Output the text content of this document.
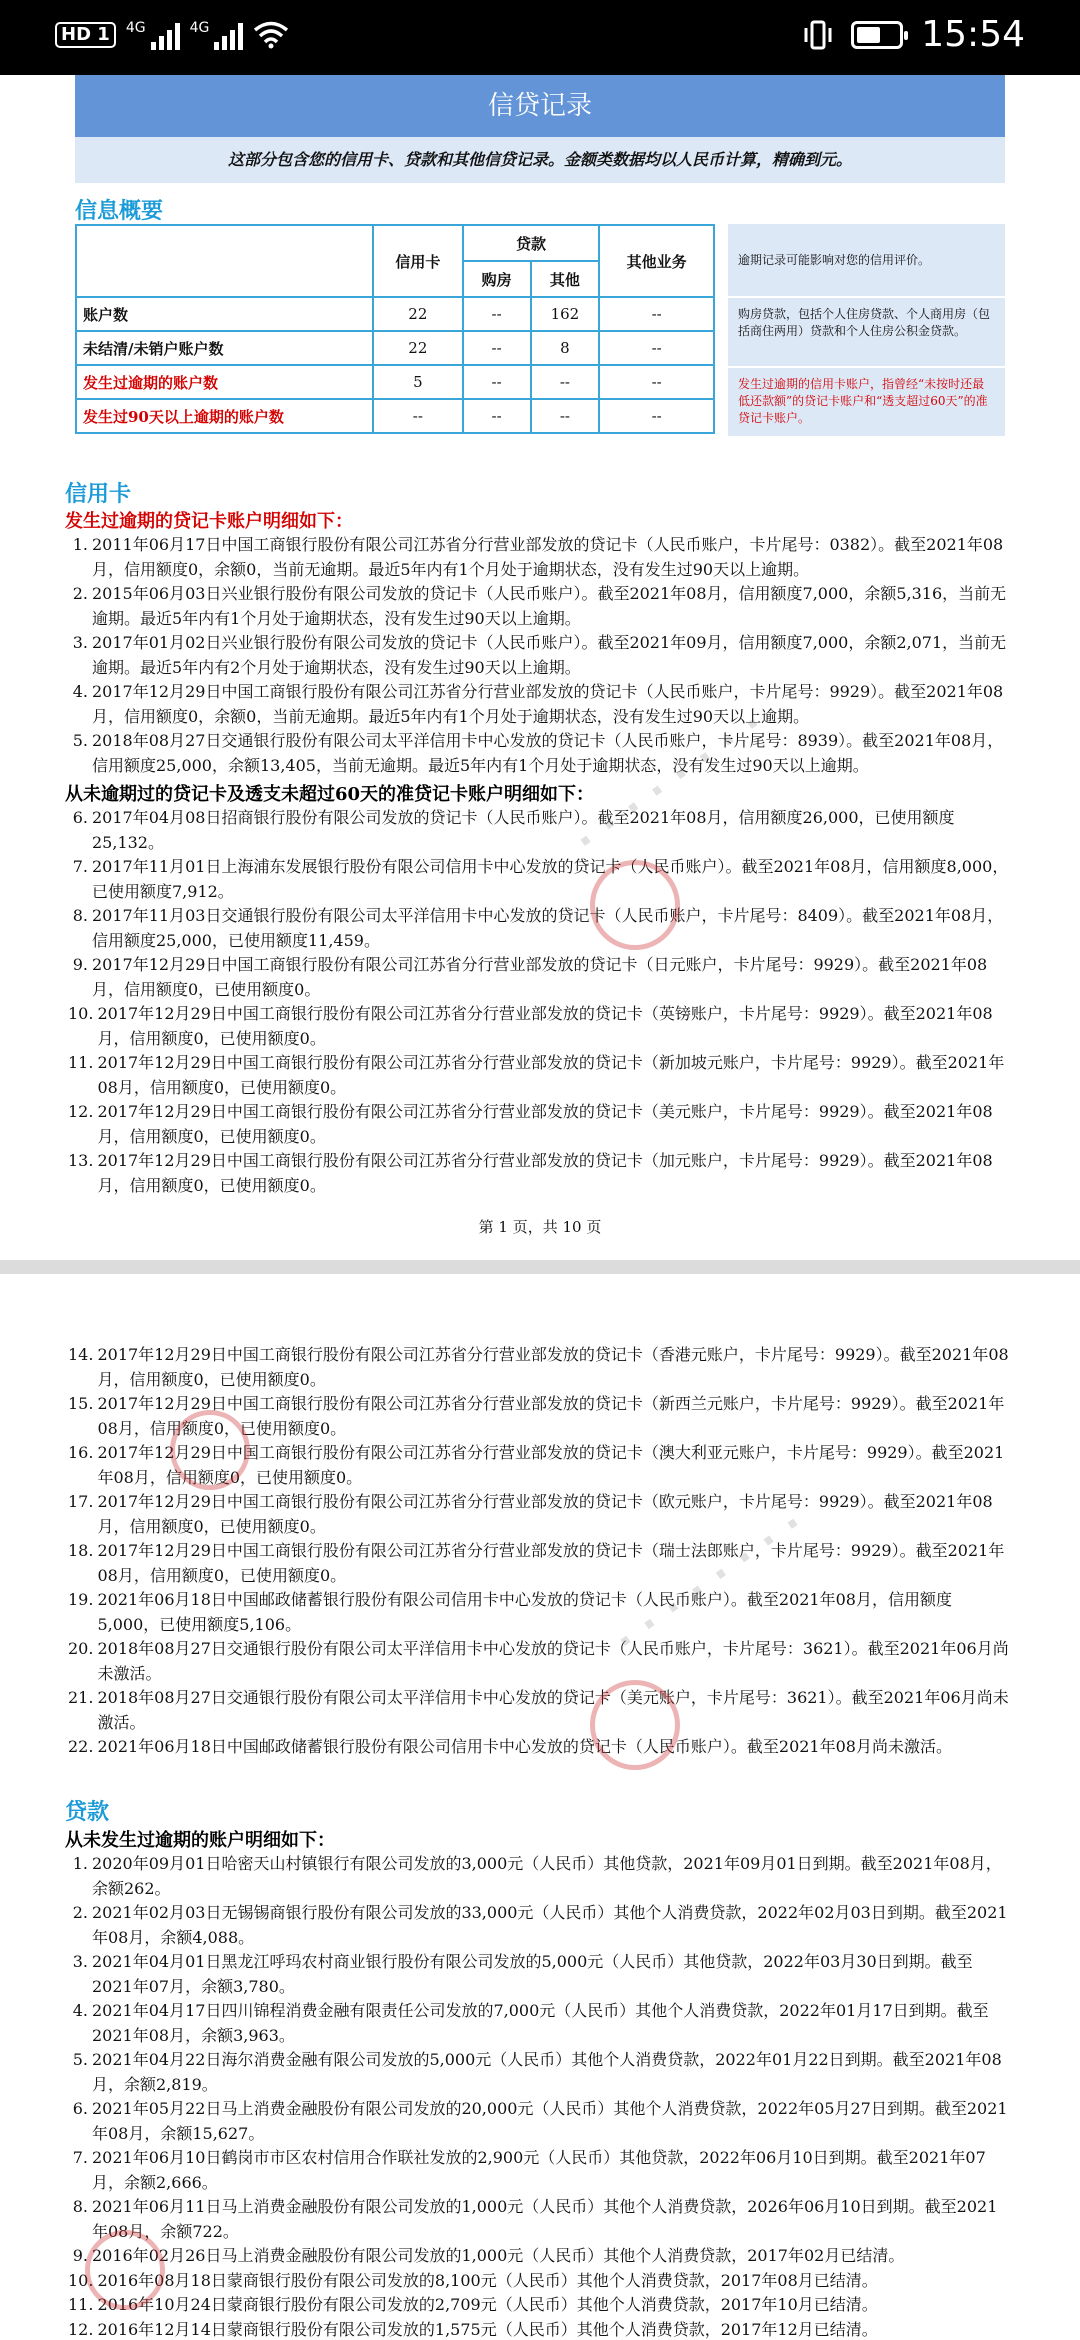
HD 1	4G	4G	15:54
信贷记录
这部分包含您的信用卡、贷款和其他信贷记录。金额类数据均以人民币计算，精确到元。
信息概要
	信用卡	贷款		其他业务
		购房	其他	
账户数	22	--	162	--
未结清/未销户账户数	22	--	8	--
发生过逾期的账户数	5	--	--	--
发生过90天以上逾期的账户数	--	--	--	--
逾期记录可能影响对您的信用评价。
购房贷款，包括个人住房贷款、个人商用房（包括商住两用）贷款和个人住房公积金贷款。
发生过逾期的信用卡账户，指曾经“未按时还最低还款额”的贷记卡账户和“透支超过60天”的准贷记卡账户。
信用卡
发生过逾期的贷记卡账户明细如下：
1. 2011年06月17日中国工商银行股份有限公司江苏省分行营业部发放的贷记卡（人民币账户，卡片尾号：0382）。截至2021年08月，信用额度0，余额0，当前无逾期。最近5年内有1个月处于逾期状态，没有发生过90天以上逾期。
2. 2015年06月03日兴业银行股份有限公司发放的贷记卡（人民币账户）。截至2021年08月，信用额度7,000，余额5,316，当前无逾期。最近5年内有1个月处于逾期状态，没有发生过90天以上逾期。
3. 2017年01月02日兴业银行股份有限公司发放的贷记卡（人民币账户）。截至2021年09月，信用额度7,000，余额2,071，当前无逾期。最近5年内有2个月处于逾期状态，没有发生过90天以上逾期。
4. 2017年12月29日中国工商银行股份有限公司江苏省分行营业部发放的贷记卡（人民币账户，卡片尾号：9929）。截至2021年08月，信用额度0，余额0，当前无逾期。最近5年内有1个月处于逾期状态，没有发生过90天以上逾期。
5. 2018年08月27日交通银行股份有限公司太平洋信用卡中心发放的贷记卡（人民币账户，卡片尾号：8939）。截至2021年08月，信用额度25,000，余额13,405，当前无逾期。最近5年内有1个月处于逾期状态，没有发生过90天以上逾期。
从未逾期过的贷记卡及透支未超过60天的准贷记卡账户明细如下：
6. 2017年04月08日招商银行股份有限公司发放的贷记卡（人民币账户）。截至2021年08月，信用额度26,000，已使用额度25,132。
7. 2017年11月01日上海浦东发展银行股份有限公司信用卡中心发放的贷记卡（人民币账户）。截至2021年08月，信用额度8,000，已使用额度7,912。
8. 2017年11月03日交通银行股份有限公司太平洋信用卡中心发放的贷记卡（人民币账户，卡片尾号：8409）。截至2021年08月，信用额度25,000，已使用额度11,459。
9. 2017年12月29日中国工商银行股份有限公司江苏省分行营业部发放的贷记卡（日元账户，卡片尾号：9929）。截至2021年08月，信用额度0，已使用额度0。
10. 2017年12月29日中国工商银行股份有限公司江苏省分行营业部发放的贷记卡（英镑账户，卡片尾号：9929）。截至2021年08月，信用额度0，已使用额度0。
11. 2017年12月29日中国工商银行股份有限公司江苏省分行营业部发放的贷记卡（新加坡元账户，卡片尾号：9929）。截至2021年08月，信用额度0，已使用额度0。
12. 2017年12月29日中国工商银行股份有限公司江苏省分行营业部发放的贷记卡（美元账户，卡片尾号：9929）。截至2021年08月，信用额度0，已使用额度0。
13. 2017年12月29日中国工商银行股份有限公司江苏省分行营业部发放的贷记卡（加元账户，卡片尾号：9929）。截至2021年08月，信用额度0，已使用额度0。
第 1 页，共 10 页
14. 2017年12月29日中国工商银行股份有限公司江苏省分行营业部发放的贷记卡（香港元账户，卡片尾号：9929）。截至2021年08月，信用额度0，已使用额度0。
15. 2017年12月29日中国工商银行股份有限公司江苏省分行营业部发放的贷记卡（新西兰元账户，卡片尾号：9929）。截至2021年08月，信用额度0，已使用额度0。
16. 2017年12月29日中国工商银行股份有限公司江苏省分行营业部发放的贷记卡（澳大利亚元账户，卡片尾号：9929）。截至2021年08月，信用额度0，已使用额度0。
17. 2017年12月29日中国工商银行股份有限公司江苏省分行营业部发放的贷记卡（欧元账户，卡片尾号：9929）。截至2021年08月，信用额度0，已使用额度0。
18. 2017年12月29日中国工商银行股份有限公司江苏省分行营业部发放的贷记卡（瑞士法郎账户，卡片尾号：9929）。截至2021年08月，信用额度0，已使用额度0。
19. 2021年06月18日中国邮政储蓄银行股份有限公司信用卡中心发放的贷记卡（人民币账户）。截至2021年08月，信用额度5,000，已使用额度5,106。
20. 2018年08月27日交通银行股份有限公司太平洋信用卡中心发放的贷记卡（人民币账户，卡片尾号：3621）。截至2021年06月尚未激活。
21. 2018年08月27日交通银行股份有限公司太平洋信用卡中心发放的贷记卡（美元账户，卡片尾号：3621）。截至2021年06月尚未激活。
22. 2021年06月18日中国邮政储蓄银行股份有限公司信用卡中心发放的贷记卡（人民币账户）。截至2021年08月尚未激活。
贷款
从未发生过逾期的账户明细如下：
1. 2020年09月01日哈密天山村镇银行有限公司发放的3,000元（人民币）其他贷款，2021年09月01日到期。截至2021年08月，余额262。
2. 2021年02月03日无锡锡商银行股份有限公司发放的33,000元（人民币）其他个人消费贷款，2022年02月03日到期。截至2021年08月，余额4,088。
3. 2021年04月01日黑龙江呼玛农村商业银行股份有限公司发放的5,000元（人民币）其他贷款，2022年03月30日到期。截至2021年07月，余额3,780。
4. 2021年04月17日四川锦程消费金融有限责任公司发放的7,000元（人民币）其他个人消费贷款，2022年01月17日到期。截至2021年08月，余额3,963。
5. 2021年04月22日海尔消费金融有限公司发放的5,000元（人民币）其他个人消费贷款，2022年01月22日到期。截至2021年08月，余额2,819。
6. 2021年05月22日马上消费金融股份有限公司发放的20,000元（人民币）其他个人消费贷款，2022年05月27日到期。截至2021年08月，余额15,627。
7. 2021年06月10日鹤岗市市区农村信用合作联社发放的2,900元（人民币）其他贷款，2022年06月10日到期。截至2021年07月，余额2,666。
8. 2021年06月11日马上消费金融股份有限公司发放的1,000元（人民币）其他个人消费贷款，2026年06月10日到期。截至2021年08月，余额722。
9. 2016年02月26日马上消费金融股份有限公司发放的1,000元（人民币）其他个人消费贷款，2017年02月已结清。
10. 2016年08月18日蒙商银行股份有限公司发放的8,100元（人民币）其他个人消费贷款，2017年08月已结清。
11. 2016年10月24日蒙商银行股份有限公司发放的2,709元（人民币）其他个人消费贷款，2017年10月已结清。
12. 2016年12月14日蒙商银行股份有限公司发放的1,575元（人民币）其他个人消费贷款，2017年12月已结清。
· · · · · · · ·
· · · · · · · ·
